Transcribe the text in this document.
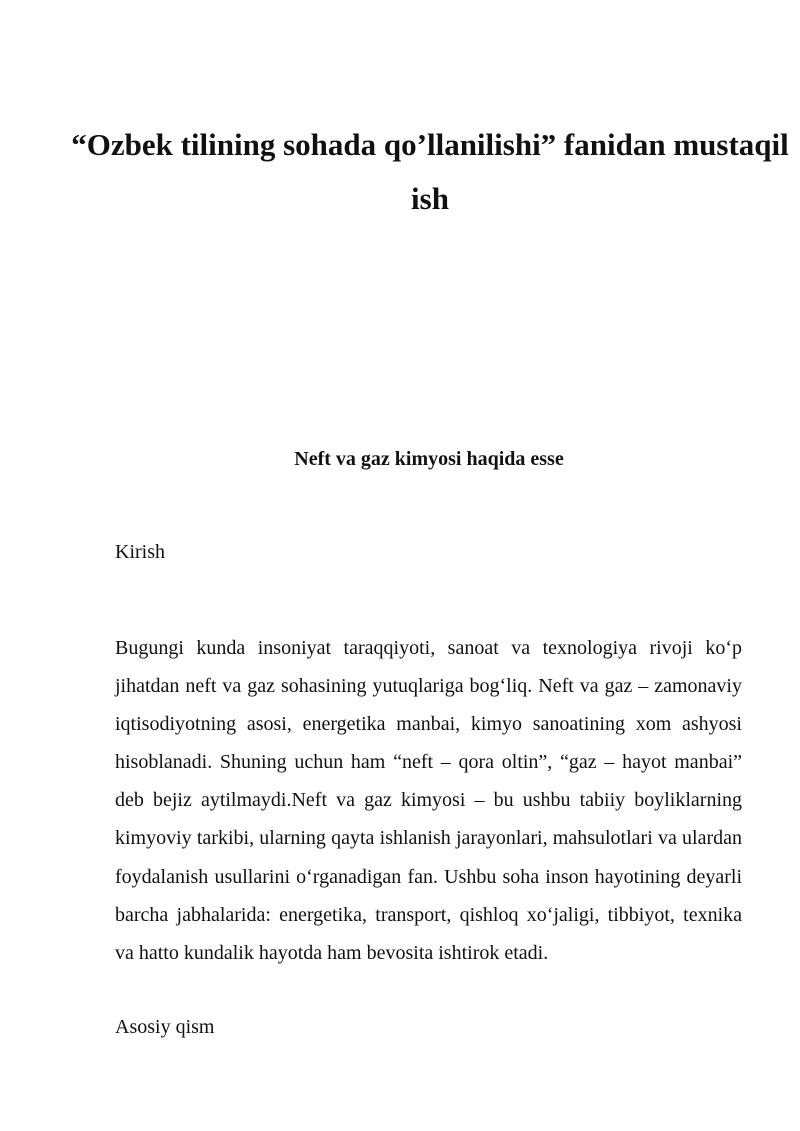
“Ozbek tilining sohada qo’llanilishi” fanidan mustaqil ish
Neft va gaz kimyosi haqida esse
Kirish

Bugungi kunda insoniyat taraqqiyoti, sanoat va texnologiya rivoji ko‘p jihatdan neft va gaz sohasining yutuqlariga bog‘liq. Neft va gaz – zamonaviy iqtisodiyotning asosi, energetika manbai, kimyo sanoatining xom ashyosi hisoblanadi. Shuning uchun ham “neft – qora oltin”, “gaz – hayot manbai” deb bejiz aytilmaydi.Neft va gaz kimyosi – bu ushbu tabiiy boyliklarning kimyoviy tarkibi, ularning qayta ishlanish jarayonlari, mahsulotlari va ulardan foydalanish usullarini o‘rganadigan fan. Ushbu soha inson hayotining deyarli barcha jabhalarida: energetika, transport, qishloq xo‘jaligi, tibbiyot, texnika va hatto kundalik hayotda ham bevosita ishtirok etadi.

Asosiy qism
